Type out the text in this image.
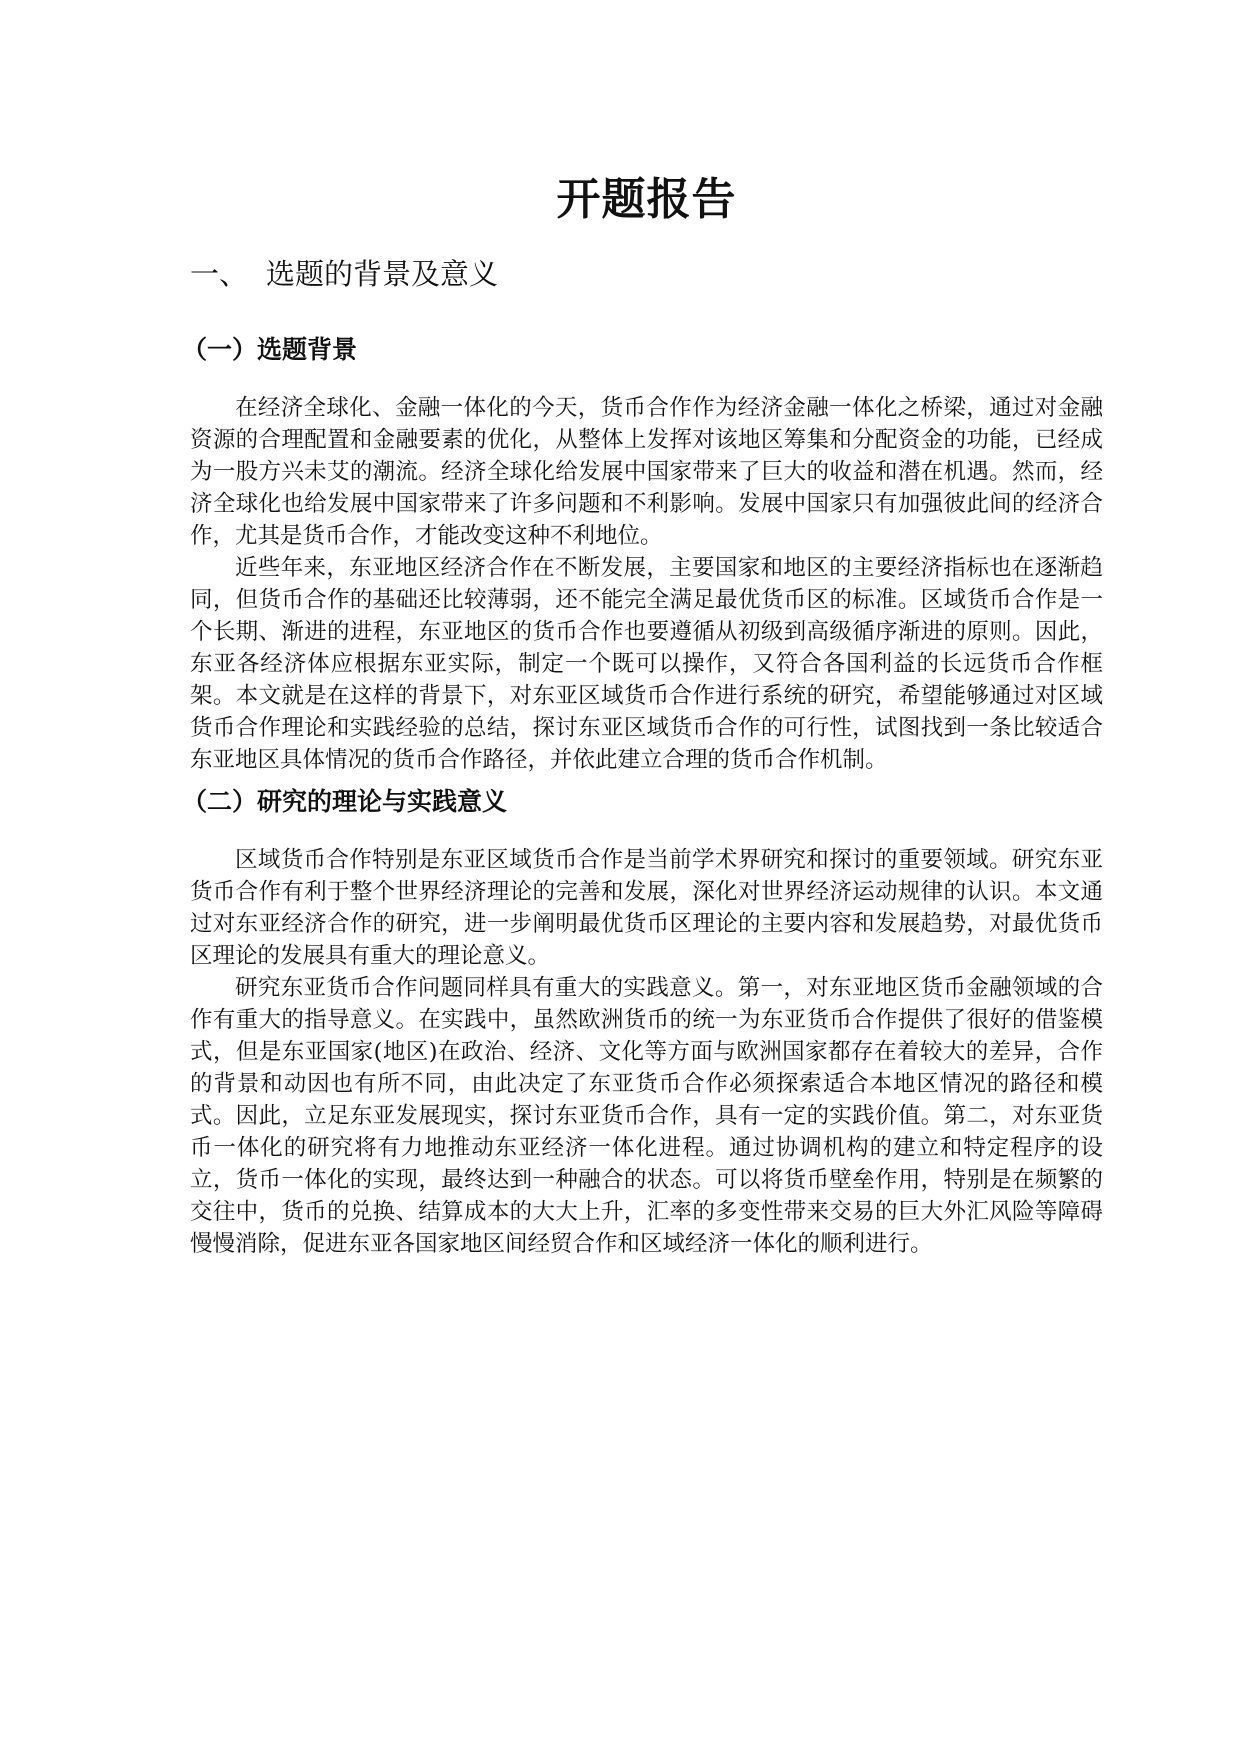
开题报告
一、 选题的背景及意义
（一）选题背景

在经济全球化、金融一体化的今天，货币合作作为经济金融一体化之桥梁，通过对金融资源的合理配置和金融要素的优化，从整体上发挥对该地区筹集和分配资金的功能，已经成为一股方兴未艾的潮流。经济全球化给发展中国家带来了巨大的收益和潜在机遇。然而，经济全球化也给发展中国家带来了许多问题和不利影响。发展中国家只有加强彼此间的经济合作，尤其是货币合作，才能改变这种不利地位。

近些年来，东亚地区经济合作在不断发展，主要国家和地区的主要经济指标也在逐渐趋同，但货币合作的基础还比较薄弱，还不能完全满足最优货币区的标准。区域货币合作是一个长期、渐进的进程，东亚地区的货币合作也要遵循从初级到高级循序渐进的原则。因此，东亚各经济体应根据东亚实际，制定一个既可以操作，又符合各国利益的长远货币合作框架。本文就是在这样的背景下，对东亚区域货币合作进行系统的研究，希望能够通过对区域货币合作理论和实践经验的总结，探讨东亚区域货币合作的可行性，试图找到一条比较适合东亚地区具体情况的货币合作路径，并依此建立合理的货币合作机制。

（二）研究的理论与实践意义

区域货币合作特别是东亚区域货币合作是当前学术界研究和探讨的重要领域。研究东亚货币合作有利于整个世界经济理论的完善和发展，深化对世界经济运动规律的认识。本文通过对东亚经济合作的研究，进一步阐明最优货币区理论的主要内容和发展趋势，对最优货币区理论的发展具有重大的理论意义。

研究东亚货币合作问题同样具有重大的实践意义。第一，对东亚地区货币金融领域的合作有重大的指导意义。在实践中，虽然欧洲货币的统一为东亚货币合作提供了很好的借鉴模式，但是东亚国家(地区)在政治、经济、文化等方面与欧洲国家都存在着较大的差异，合作的背景和动因也有所不同，由此决定了东亚货币合作必须探索适合本地区情况的路径和模式。因此，立足东亚发展现实，探讨东亚货币合作，具有一定的实践价值。第二，对东亚货币一体化的研究将有力地推动东亚经济一体化进程。通过协调机构的建立和特定程序的设立，货币一体化的实现，最终达到一种融合的状态。可以将货币壁垒作用，特别是在频繁的交往中，货币的兑换、结算成本的大大上升，汇率的多变性带来交易的巨大外汇风险等障碍慢慢消除，促进东亚各国家地区间经贸合作和区域经济一体化的顺利进行。
